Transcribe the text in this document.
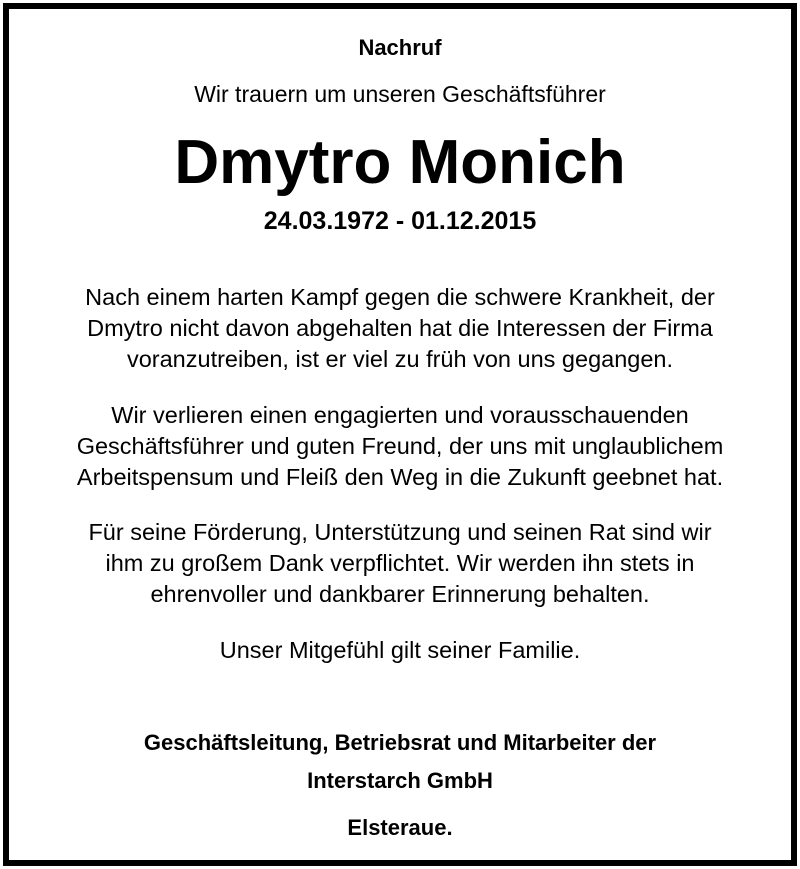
Nachruf
Wir trauern um unseren Geschäftsführer
Dmytro Monich
24.03.1972 - 01.12.2015
Nach einem harten Kampf gegen die schwere Krankheit, der
Dmytro nicht davon abgehalten hat die Interessen der Firma
voranzutreiben, ist er viel zu früh von uns gegangen.
Wir verlieren einen engagierten und vorausschauenden
Geschäftsführer und guten Freund, der uns mit unglaublichem
Arbeitspensum und Fleiß den Weg in die Zukunft geebnet hat.
Für seine Förderung, Unterstützung und seinen Rat sind wir
ihm zu großem Dank verpflichtet. Wir werden ihn stets in
ehrenvoller und dankbarer Erinnerung behalten.
Unser Mitgefühl gilt seiner Familie.
Geschäftsleitung, Betriebsrat und Mitarbeiter der
Interstarch GmbH
Elsteraue.
